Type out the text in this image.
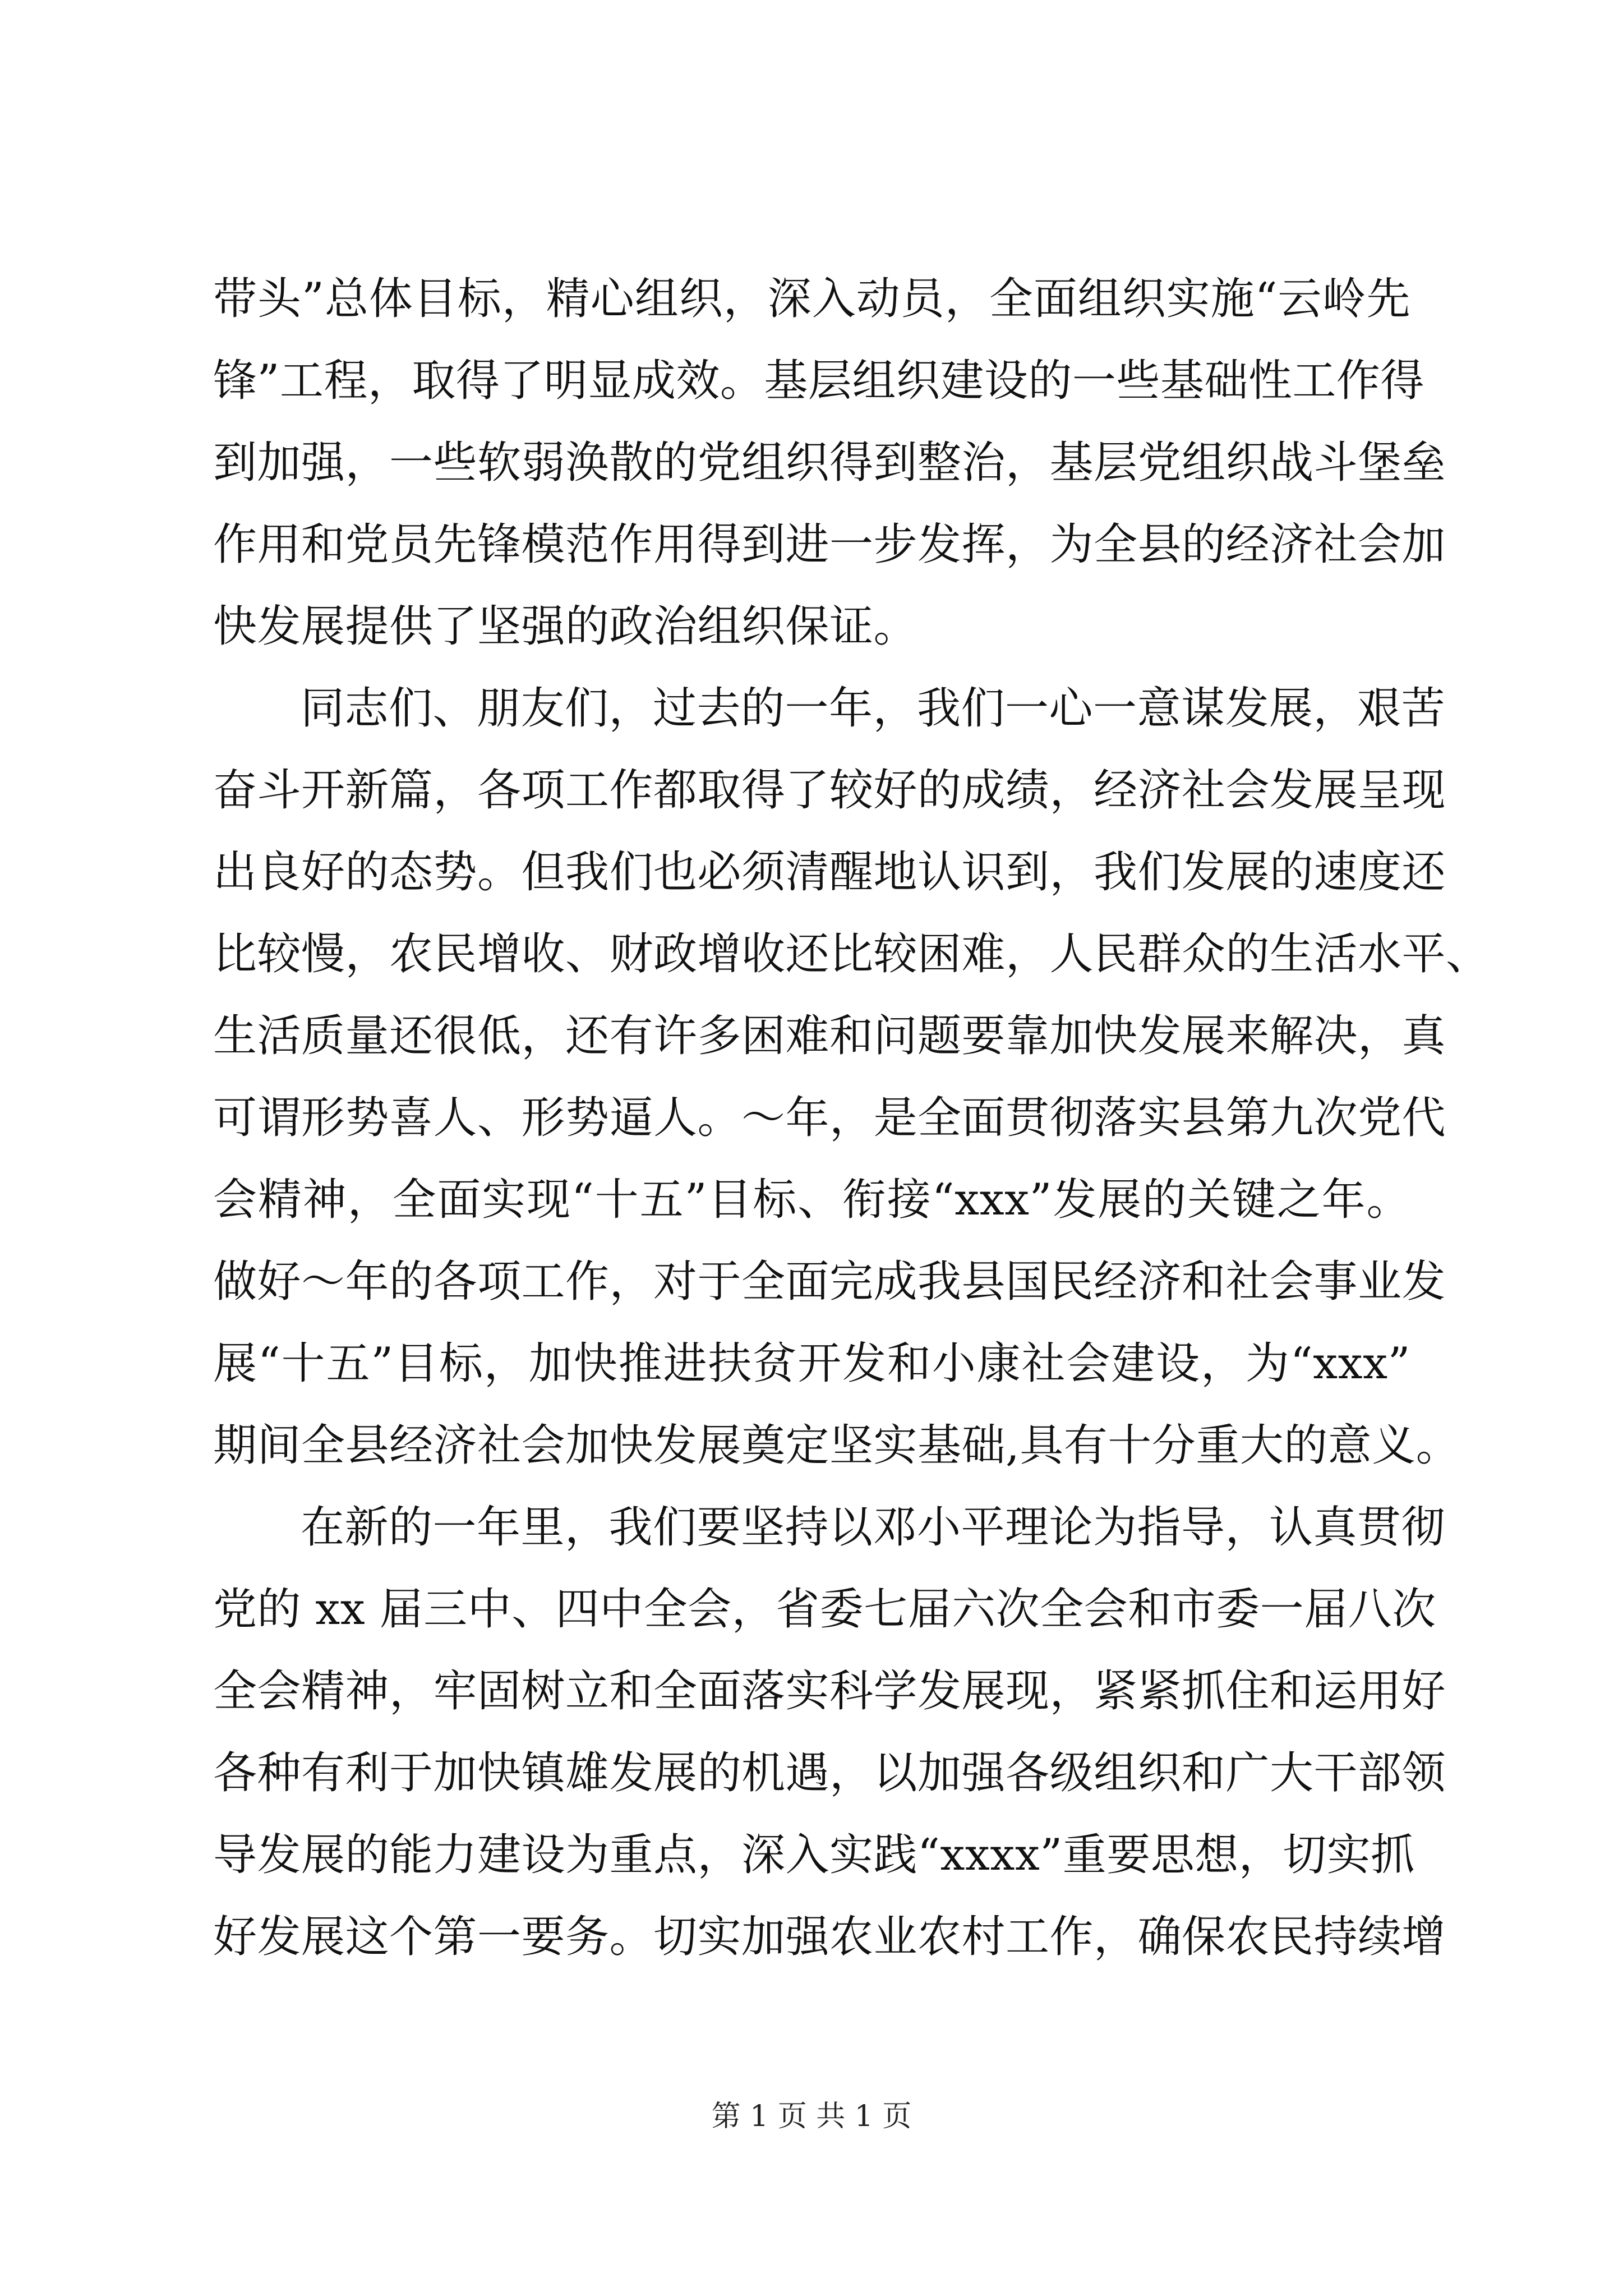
带头”总体目标，精心组织，深入动员，全面组织实施“云岭先
锋”工程，取得了明显成效。基层组织建设的一些基础性工作得
到加强，一些软弱涣散的党组织得到整治，基层党组织战斗堡垒
作用和党员先锋模范作用得到进一步发挥，为全县的经济社会加
快发展提供了坚强的政治组织保证。
同志们、朋友们，过去的一年，我们一心一意谋发展，艰苦
奋斗开新篇，各项工作都取得了较好的成绩，经济社会发展呈现
出良好的态势。但我们也必须清醒地认识到，我们发展的速度还
比较慢，农民增收、财政增收还比较困难，人民群众的生活水平、
生活质量还很低，还有许多困难和问题要靠加快发展来解决，真
可谓形势喜人、形势逼人。～年，是全面贯彻落实县第九次党代
会精神，全面实现“十五”目标、衔接“xxx”发展的关键之年。
做好～年的各项工作，对于全面完成我县国民经济和社会事业发
展“十五”目标，加快推进扶贫开发和小康社会建设，为“xxx”
期间全县经济社会加快发展奠定坚实基础,具有十分重大的意义。
在新的一年里，我们要坚持以邓小平理论为指导，认真贯彻
党的 xx 届三中、四中全会，省委七届六次全会和市委一届八次
全会精神，牢固树立和全面落实科学发展现，紧紧抓住和运用好
各种有利于加快镇雄发展的机遇，以加强各级组织和广大干部领
导发展的能力建设为重点，深入实践“xxxx”重要思想，切实抓
好发展这个第一要务。切实加强农业农村工作，确保农民持续增
第 1 页 共 1 页
